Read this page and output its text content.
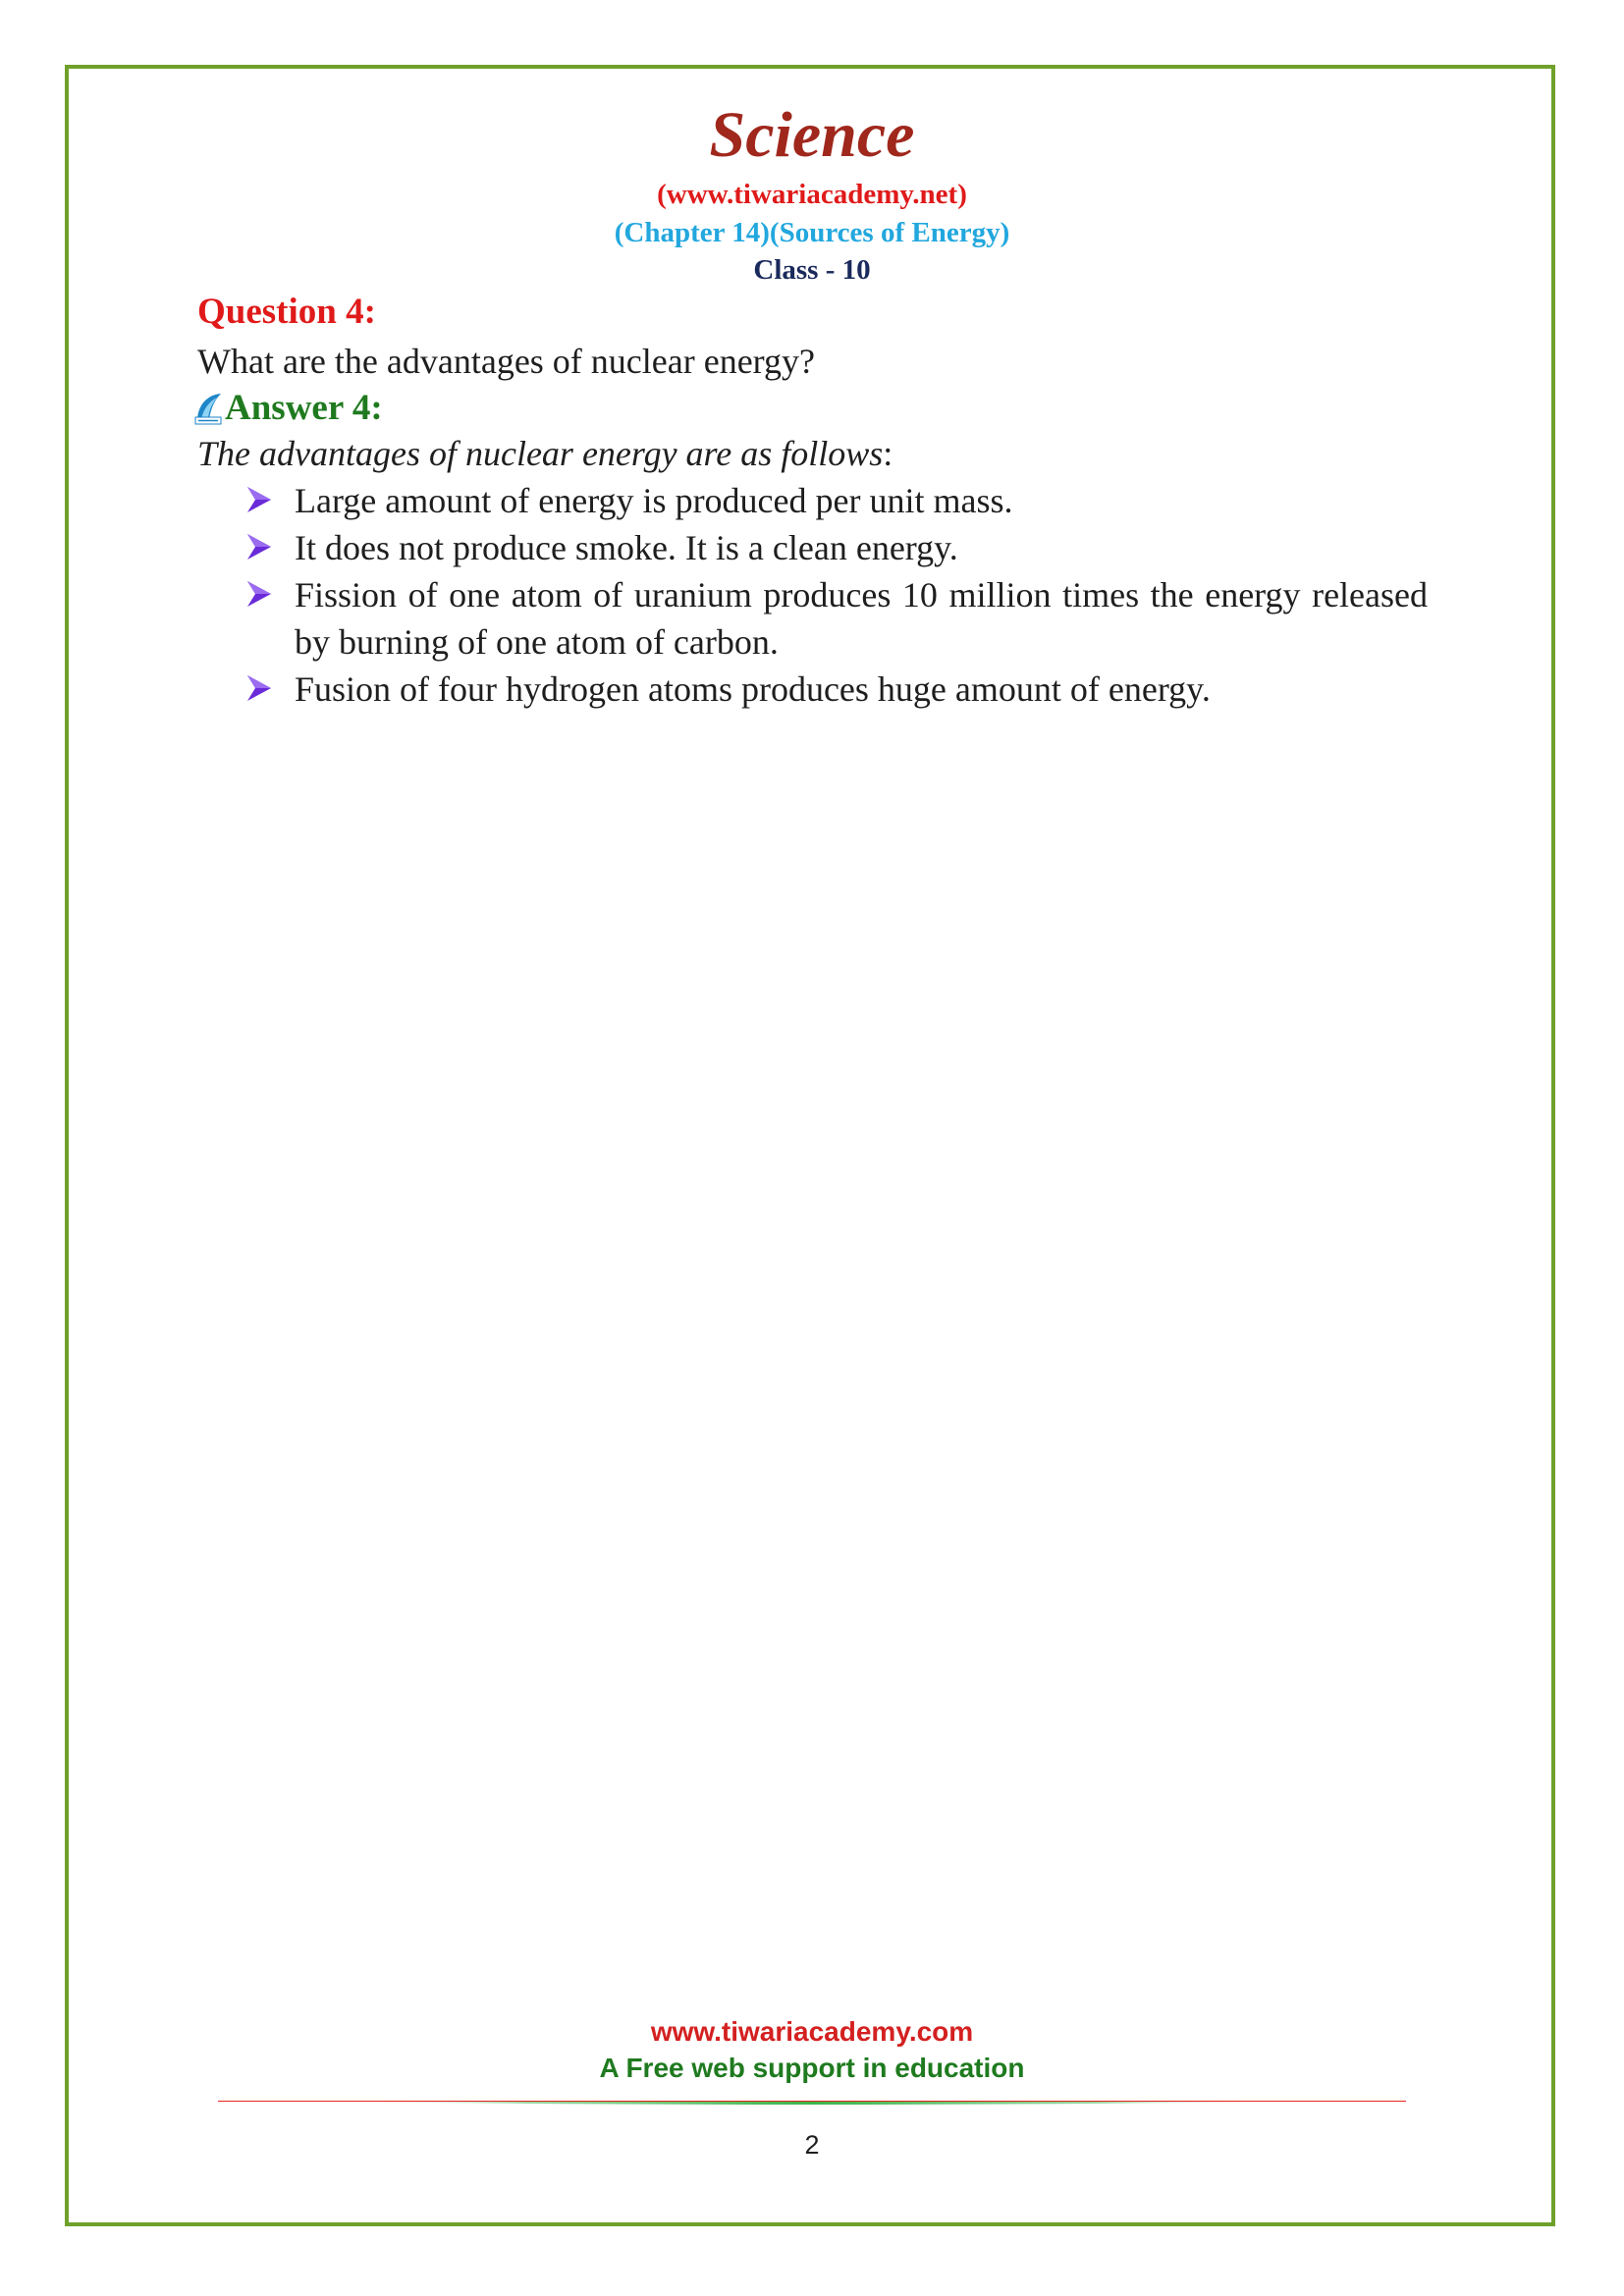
Science
(www.tiwariacademy.net)
(Chapter 14)(Sources of Energy)
Class - 10
Question 4:
What are the advantages of nuclear energy?
Answer 4:
The advantages of nuclear energy are as follows:
Large amount of energy is produced per unit mass.
It does not produce smoke. It is a clean energy.
Fission of one atom of uranium produces 10 million times the energy released by burning of one atom of carbon.
Fusion of four hydrogen atoms produces huge amount of energy.
www.tiwariacademy.com
A Free web support in education
2
